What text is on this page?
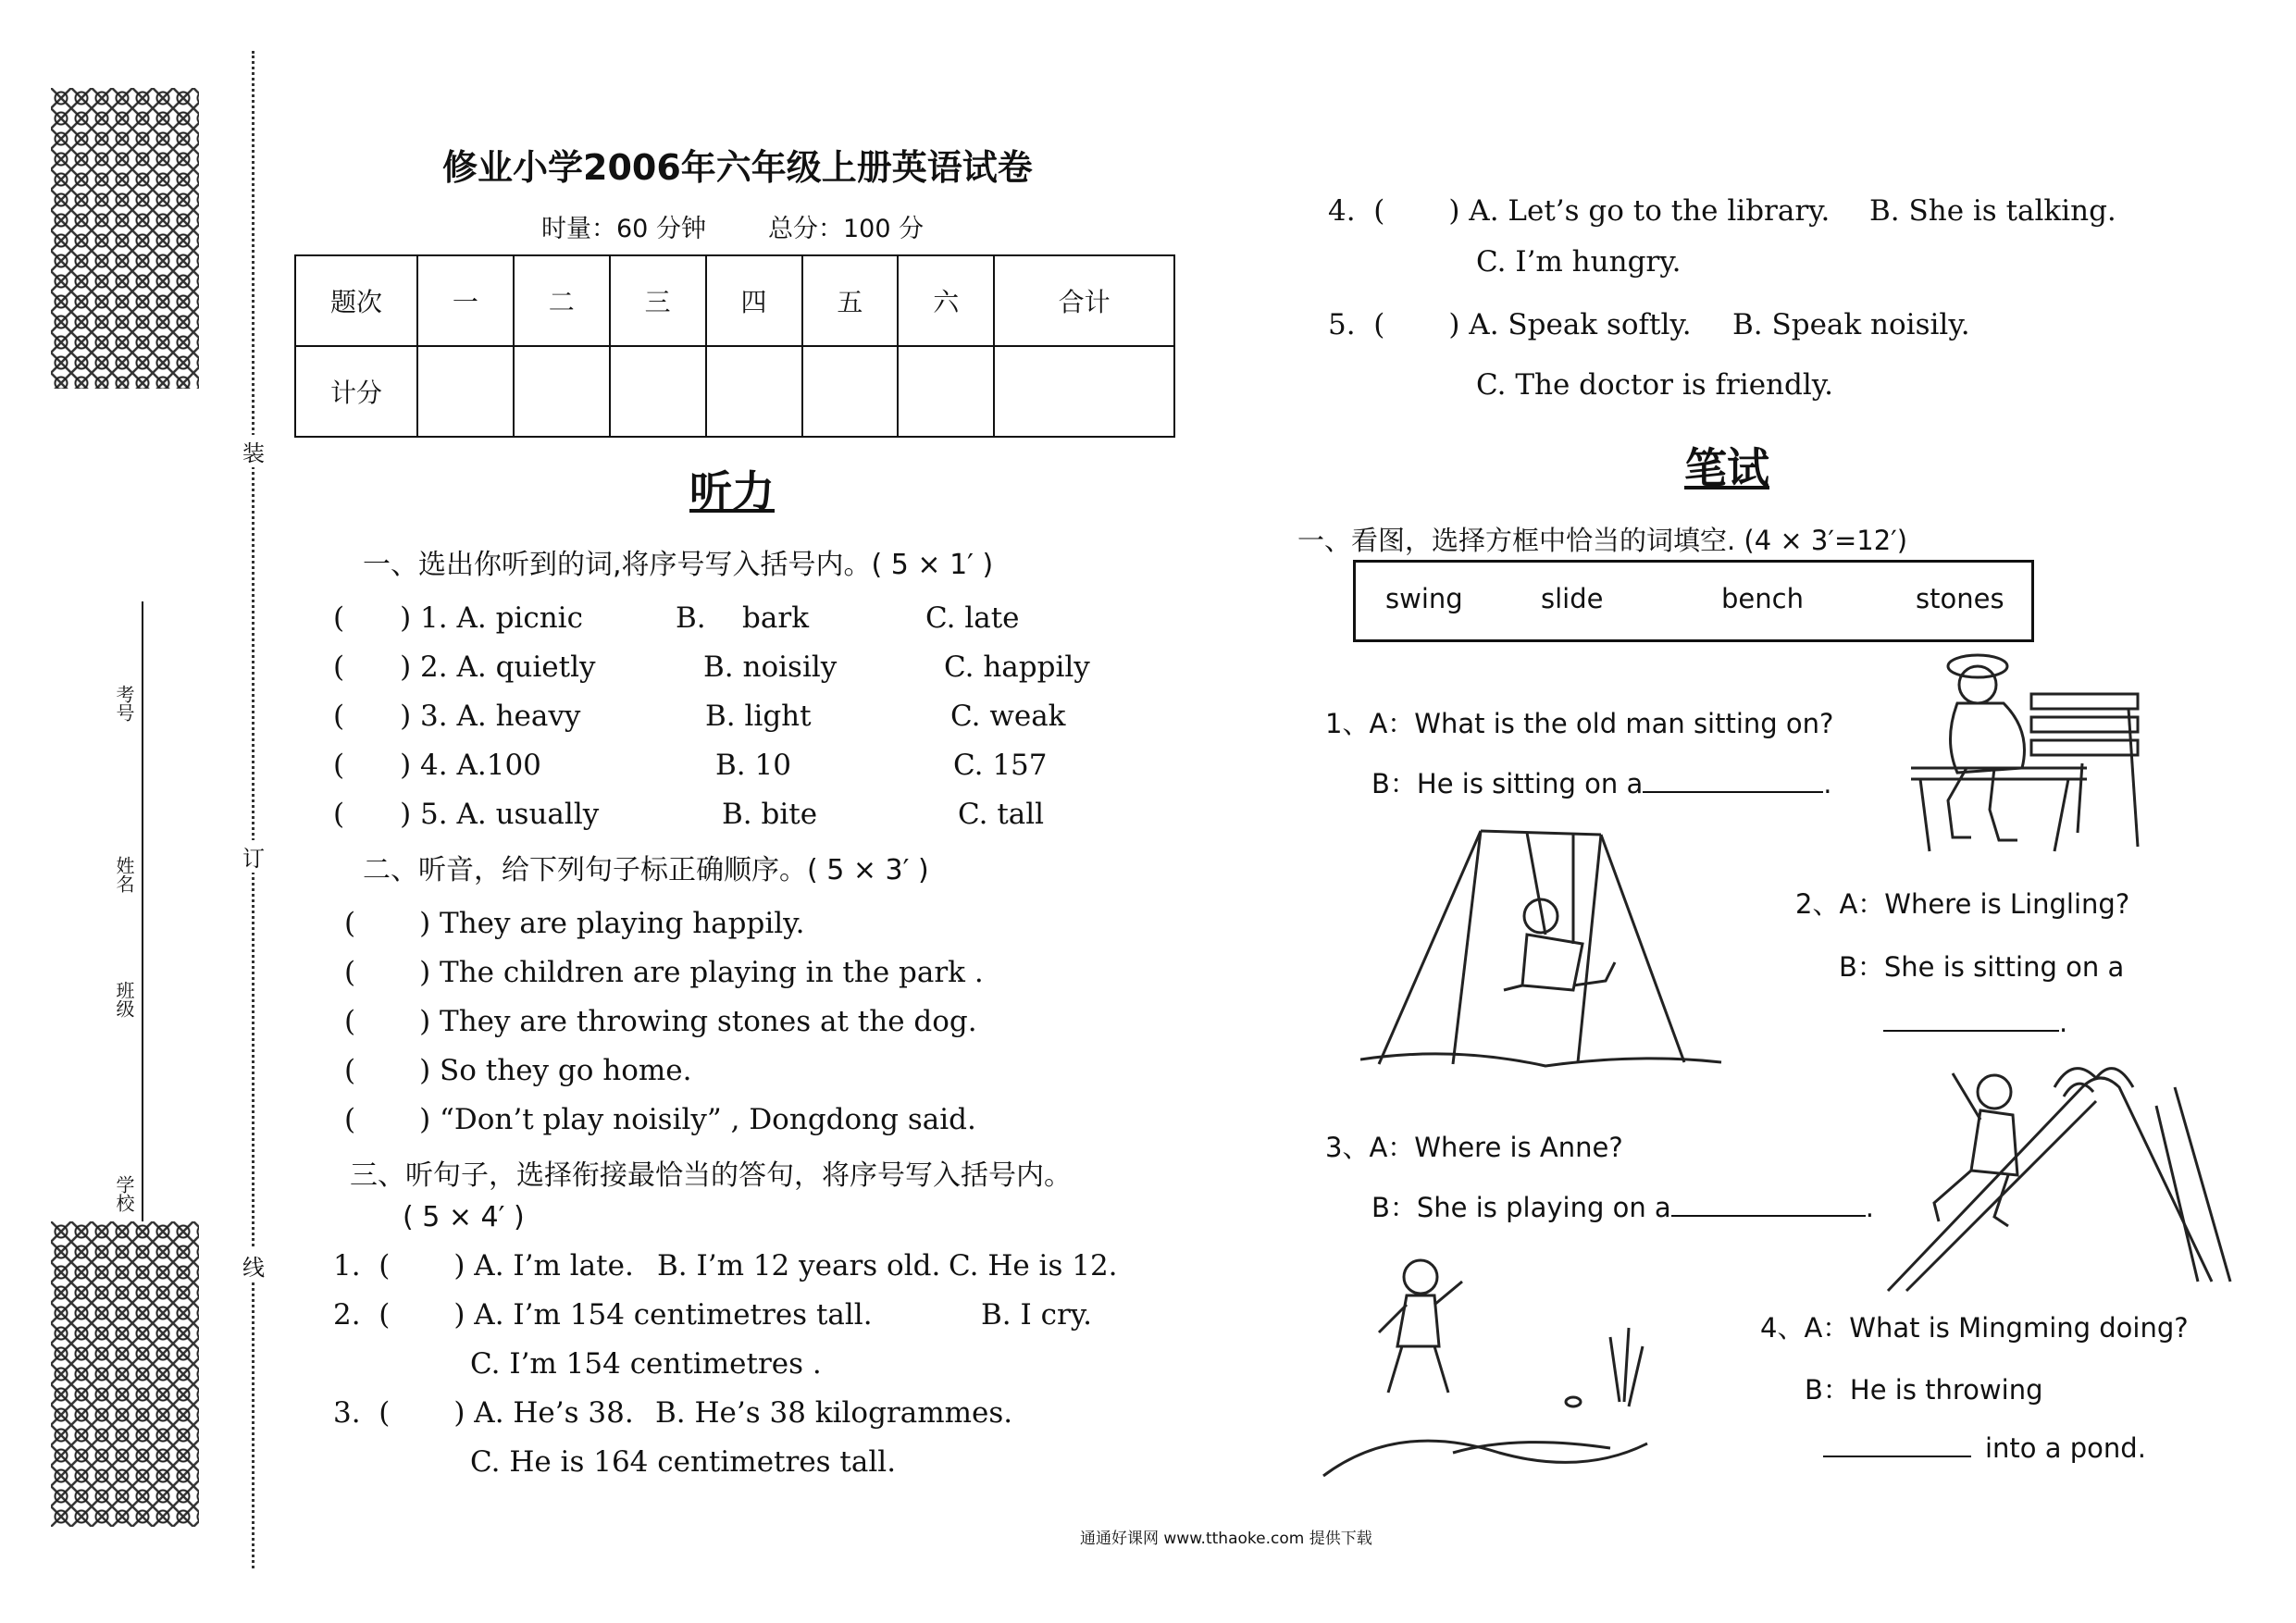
装
订
线
考号
姓名
班级
学校
修业小学2006年六年级上册英语试卷
时量：60 分钟 总分：100 分
题次	一	二	三	四	五	六	合计
计分							
听力
一、选出你听到的词,将序号写入括号内。( 5 × 1′ )
( ) 1. A. picnic	B.    bark	C. late
( ) 2. A. quietly	B. noisily	C. happily
( ) 3. A. heavy	B. light	C. weak
( ) 4. A.100	B. 10	C. 157
( ) 5. A. usually	B. bite	C. tall
二、听音，给下列句子标正确顺序。( 5 × 3′ )
(       ) They are playing happily.
(       ) The children are playing in the park .
(       ) They are throwing stones at the dog.
(       ) So they go home.
(       ) “Don’t play noisily” , Dongdong said.
三、听句子，选择衔接最恰当的答句，将序号写入括号内。
( 5 × 4′ )
1.  (       ) A. I’m late. B. I’m 12 years old. C. He is 12.
2.  (       ) A. I’m 154 centimetres tall.	B. I cry.
C. I’m 154 centimetres .
3.  (       ) A. He’s 38. B. He’s 38 kilogrammes.
C. He is 164 centimetres tall.
4.  (       ) A. Let’s go to the library. B. She is talking.
C. I’m hungry.
5.  (       ) A. Speak softly. B. Speak noisily.
C. The doctor is friendly.
笔试
一、看图，选择方框中恰当的词填空. (4 × 3′=12′)
swing	slide	bench	stones
1、A：What is the old man sitting on?
B：He is sitting on a	.
2、A：Where is Lingling?
B：She is sitting on a
.
3、A：Where is Anne?
B：She is playing on a	.
4、A：What is Mingming doing?
B：He is throwing
into a pond.
通通好课网 www.tthaoke.com 提供下载
